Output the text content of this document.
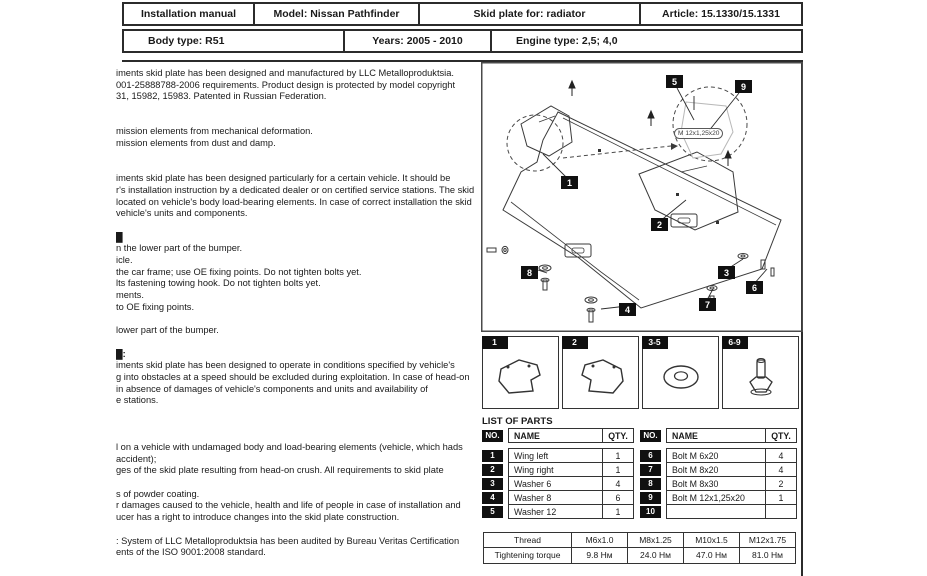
Installation manual	Model: Nissan Pathfinder	Skid plate for: radiator	Article: 15.1330/15.1331
Body type: R51	Years: 2005 - 2010	Engine type: 2,5; 4,0
iments skid plate has been designed and manufactured by LLC Metalloproduktsia.
001-25888788-2006 requirements. Product design is protected by model copyright
31, 15982, 15983. Patented in Russian Federation.
mission elements from mechanical deformation.
mission elements from dust and damp.
iments skid plate has been designed particularly for a certain vehicle. It should be
r's installation instruction by a dedicated dealer or on certified service stations. The skid
located on vehicle's body load-bearing elements. In case of correct installation the skid
vehicle's units and components.
█
n the lower part of the bumper.
icle.
the car frame; use OE fixing points. Do not tighten bolts yet.
lts fastening towing hook. Do not tighten bolts yet.
ments.
to OE fixing points.
lower part of the bumper.
█:
iments skid plate has been designed to operate in conditions specified by vehicle's
g into obstacles at a speed should be excluded during exploitation. In case of head-on
in absence of damages of vehicle's components and units and availability of
e stations.
l on a vehicle with undamaged body and load-bearing elements (vehicle, which hads
accident);
ges of the skid plate resulting from head-on crush. All requirements to skid plate
s of powder coating.
r damages caused to the vehicle, health and life of people in case of installation and
ucer has a right to introduce changes into the skid plate construction.
: System of LLC Metalloproduktsia has been audited by Bureau Veritas Certification
ents of the ISO 9001:2008 standard.
1
2
3
4
5
6
7
8
9
M 12x1,25x20
1	2	3-5	6-9
LIST OF PARTS
NO.	NAME	QTY.
1	Wing left	1
2	Wing right	1
3	Washer 6	4
4	Washer 8	6
5	Washer 12	1
NO.	NAME	QTY.
6	Bolt M 6x20	4
7	Bolt M 8x20	4
8	Bolt M 8x30	2
9	Bolt M 12x1,25x20	1
10
Thread	M6x1.0	M8x1.25	M10x1.5	M12x1.75
Tightening torque	9.8 Нм	24.0 Нм	47.0 Нм	81.0 Нм
